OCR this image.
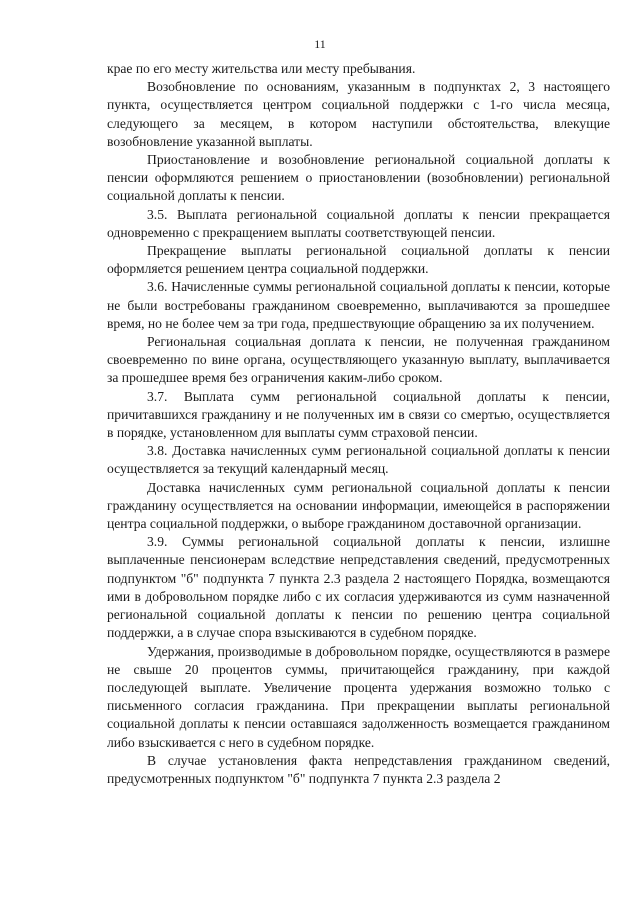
11

крае по его месту жительства или месту пребывания.

Возобновление по основаниям, указанным в подпунктах 2, 3 настоящего пункта, осуществляется центром социальной поддержки с 1-го числа месяца, следующего за месяцем, в котором наступили обстоятельства, влекущие возобновление указанной выплаты.

Приостановление и возобновление региональной социальной доплаты к пенсии оформляются решением о приостановлении (возобновлении) региональной социальной доплаты к пенсии.

3.5. Выплата региональной социальной доплаты к пенсии прекращается одновременно с прекращением выплаты соответствующей пенсии.

Прекращение выплаты региональной социальной доплаты к пенсии оформляется решением центра социальной поддержки.

3.6. Начисленные суммы региональной социальной доплаты к пенсии, которые не были востребованы гражданином своевременно, выплачиваются за прошедшее время, но не более чем за три года, предшествующие обращению за их получением.

Региональная социальная доплата к пенсии, не полученная гражданином своевременно по вине органа, осуществляющего указанную выплату, выплачивается за прошедшее время без ограничения каким-либо сроком.

3.7. Выплата сумм региональной социальной доплаты к пенсии, причитавшихся гражданину и не полученных им в связи со смертью, осуществляется в порядке, установленном для выплаты сумм страховой пенсии.

3.8. Доставка начисленных сумм региональной социальной доплаты к пенсии осуществляется за текущий календарный месяц.

Доставка начисленных сумм региональной социальной доплаты к пенсии гражданину осуществляется на основании информации, имеющейся в распоряжении центра социальной поддержки, о выборе гражданином доставочной организации.

3.9. Суммы региональной социальной доплаты к пенсии, излишне выплаченные пенсионерам вследствие непредставления сведений, предусмотренных подпунктом "б" подпункта 7 пункта 2.3 раздела 2 настоящего Порядка, возмещаются ими в добровольном порядке либо с их согласия удерживаются из сумм назначенной региональной социальной доплаты к пенсии по решению центра социальной поддержки, а в случае спора взыскиваются в судебном порядке.

Удержания, производимые в добровольном порядке, осуществляются в размере не свыше 20 процентов суммы, причитающейся гражданину, при каждой последующей выплате. Увеличение процента удержания возможно только с письменного согласия гражданина. При прекращении выплаты региональной социальной доплаты к пенсии оставшаяся задолженность возмещается гражданином либо взыскивается с него в судебном порядке.

В случае установления факта непредставления гражданином сведений, предусмотренных подпунктом "б" подпункта 7 пункта 2.3 раздела 2
